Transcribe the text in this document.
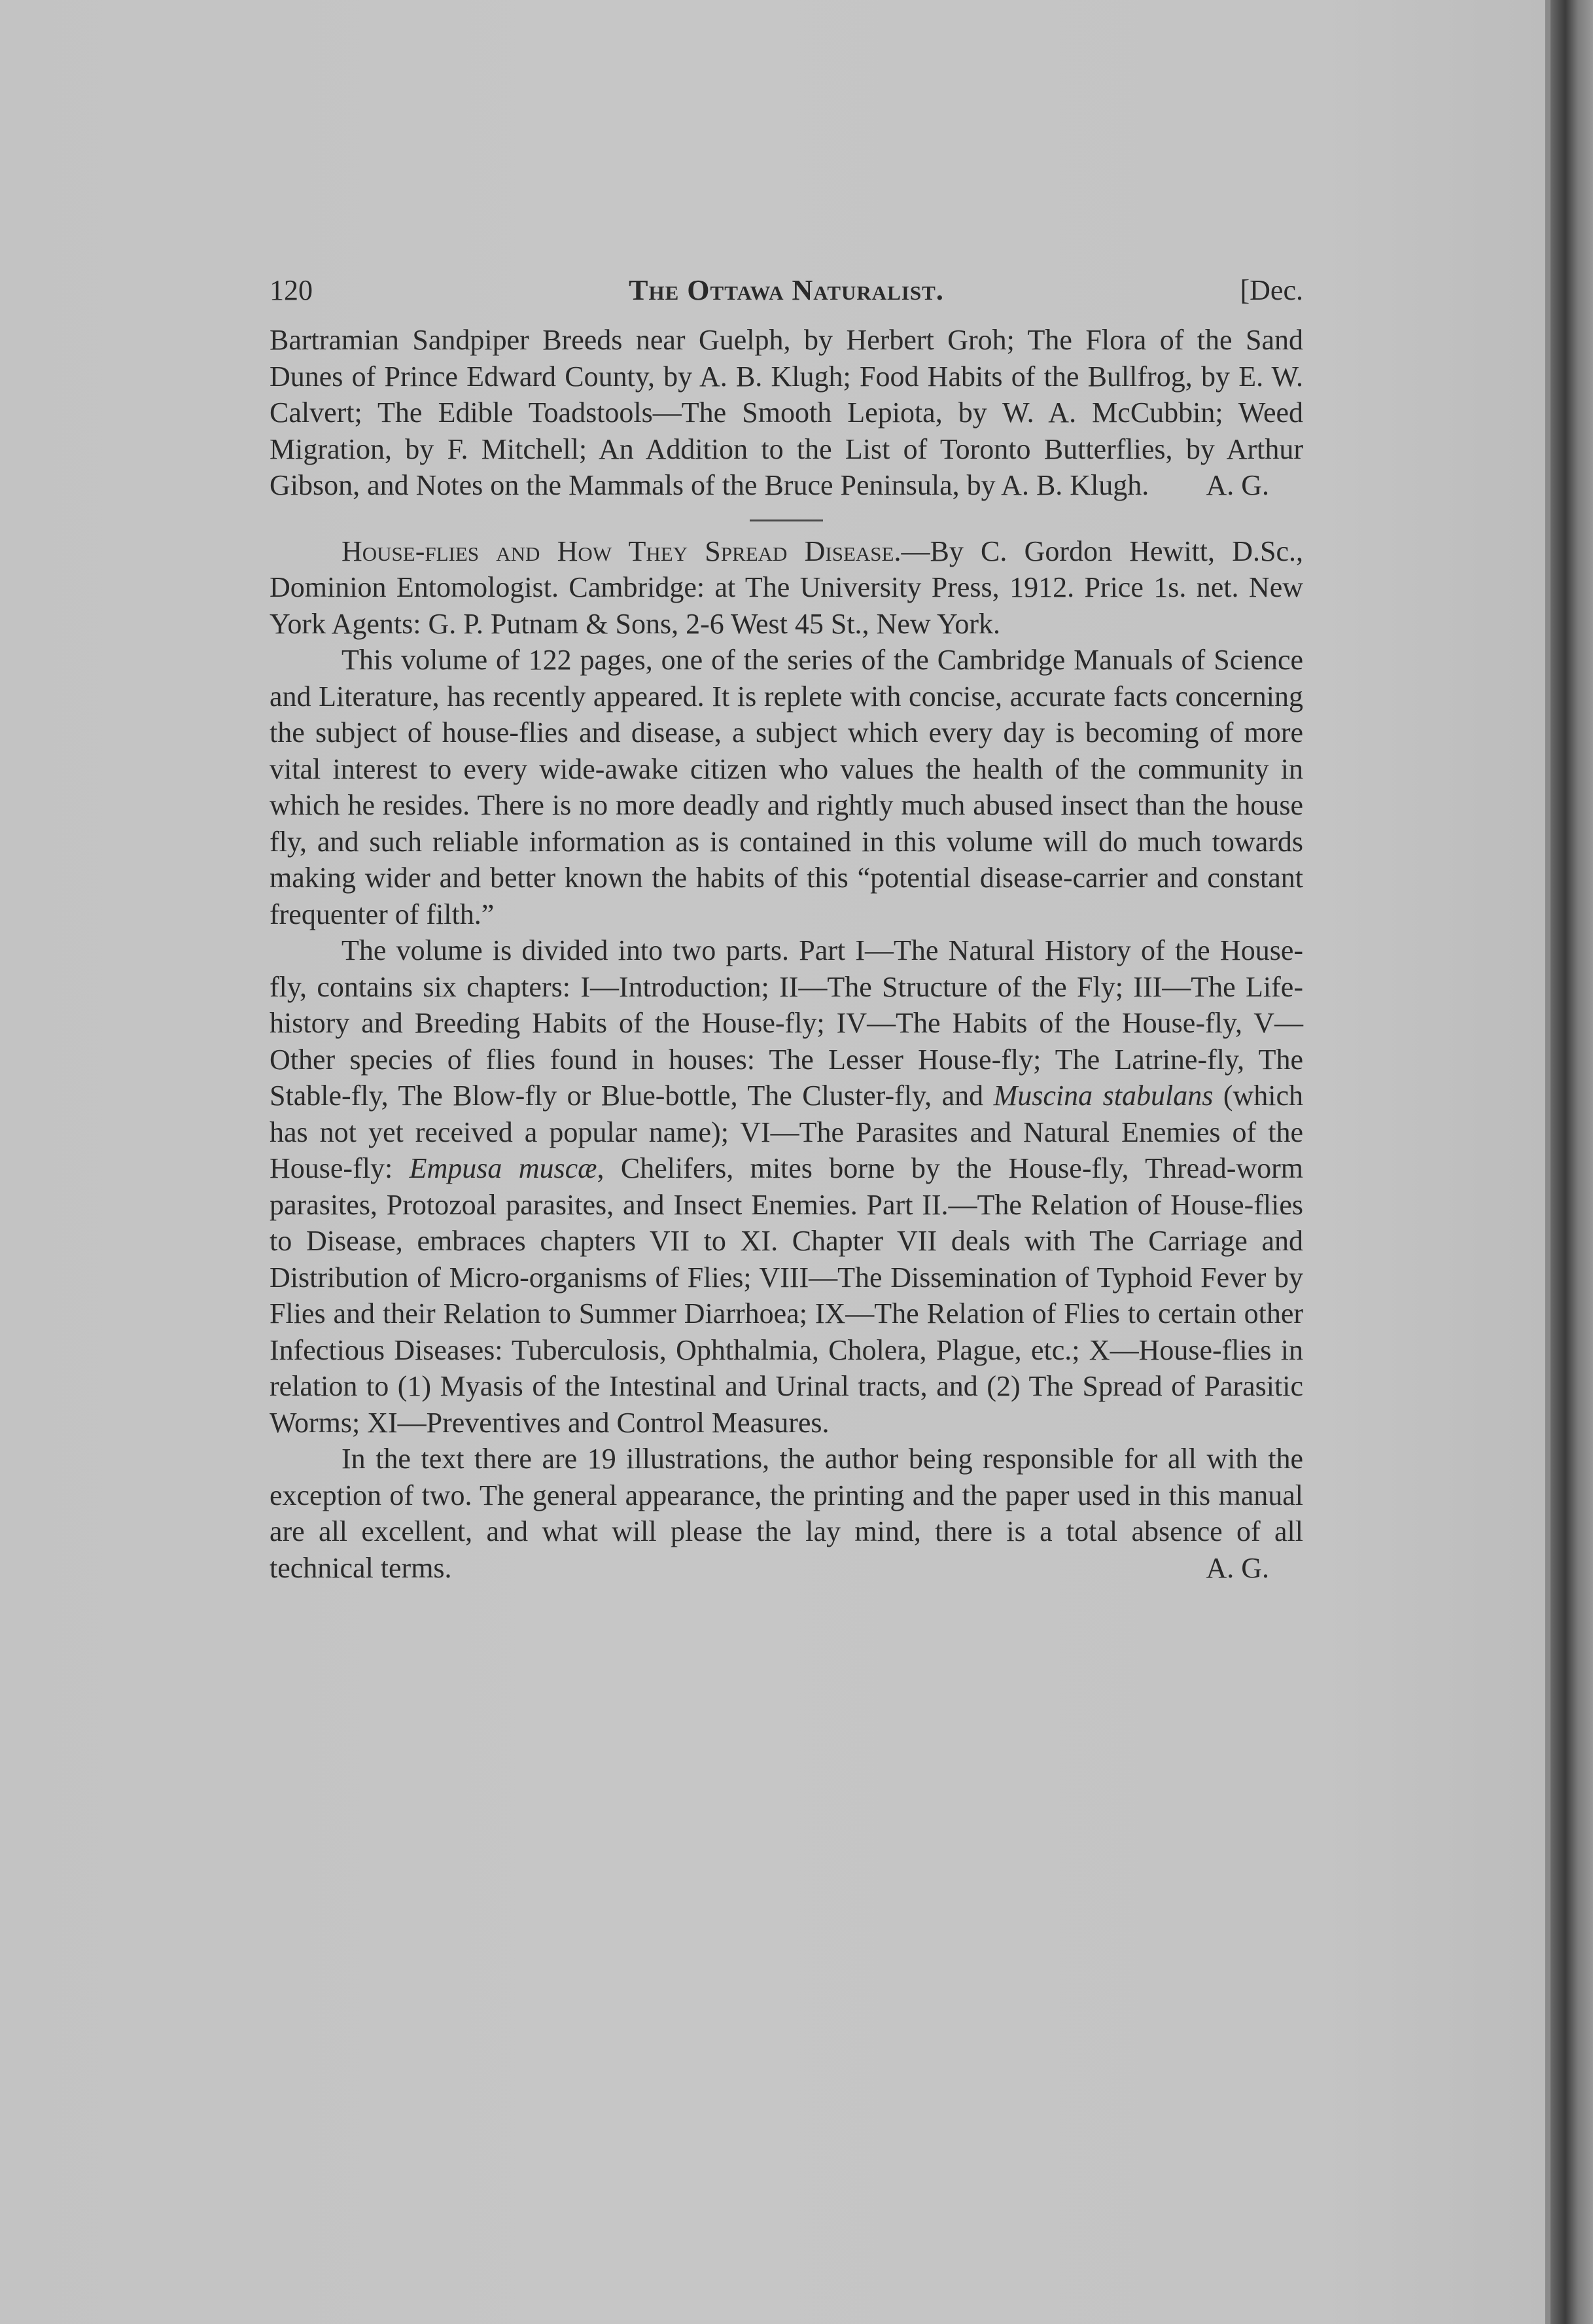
120	The Ottawa Naturalist.	[Dec.

Bartramian Sandpiper Breeds near Guelph, by Herbert Groh; The Flora of the Sand Dunes of Prince Edward County, by A. B. Klugh; Food Habits of the Bullfrog, by E. W. Calvert; The Edible Toadstools—The Smooth Lepiota, by W. A. McCubbin; Weed Migration, by F. Mitchell; An Addition to the List of Toronto Butterflies, by Arthur Gibson, and Notes on the Mammals of the Bruce Peninsula, by A. B. Klugh. A. G.

House-flies and How They Spread Disease.—By C. Gordon Hewitt, D.Sc., Dominion Entomologist. Cambridge: at The University Press, 1912. Price 1s. net. New York Agents: G. P. Putnam & Sons, 2-6 West 45 St., New York.

This volume of 122 pages, one of the series of the Cambridge Manuals of Science and Literature, has recently appeared. It is replete with concise, accurate facts concerning the subject of house-flies and disease, a subject which every day is becoming of more vital interest to every wide-awake citizen who values the health of the community in which he resides. There is no more deadly and rightly much abused insect than the house fly, and such reliable information as is contained in this volume will do much towards making wider and better known the habits of this “potential disease-carrier and constant frequenter of filth.”

The volume is divided into two parts. Part I—The Natural History of the House-fly, contains six chapters: I—Introduction; II—The Structure of the Fly; III—The Life-history and Breeding Habits of the House-fly; IV—The Habits of the House-fly, V—Other species of flies found in houses: The Lesser House-fly; The Latrine-fly, The Stable-fly, The Blow-fly or Blue-bottle, The Cluster-fly, and Muscina stabulans (which has not yet received a popular name); VI—The Parasites and Natural Enemies of the House-fly: Empusa muscæ, Chelifers, mites borne by the House-fly, Thread-worm parasites, Protozoal parasites, and Insect Enemies. Part II.—The Relation of House-flies to Disease, embraces chapters VII to XI. Chapter VII deals with The Carriage and Distribution of Micro-organisms of Flies; VIII—The Dissemination of Typhoid Fever by Flies and their Relation to Summer Diarrhoea; IX—The Relation of Flies to certain other Infectious Diseases: Tuberculosis, Ophthalmia, Cholera, Plague, etc.; X—House-flies in relation to (1) Myasis of the Intestinal and Urinal tracts, and (2) The Spread of Parasitic Worms; XI—Preventives and Control Measures.

In the text there are 19 illustrations, the author being responsible for all with the exception of two. The general appearance, the printing and the paper used in this manual are all excellent, and what will please the lay mind, there is a total absence of all technical terms.	A. G.
